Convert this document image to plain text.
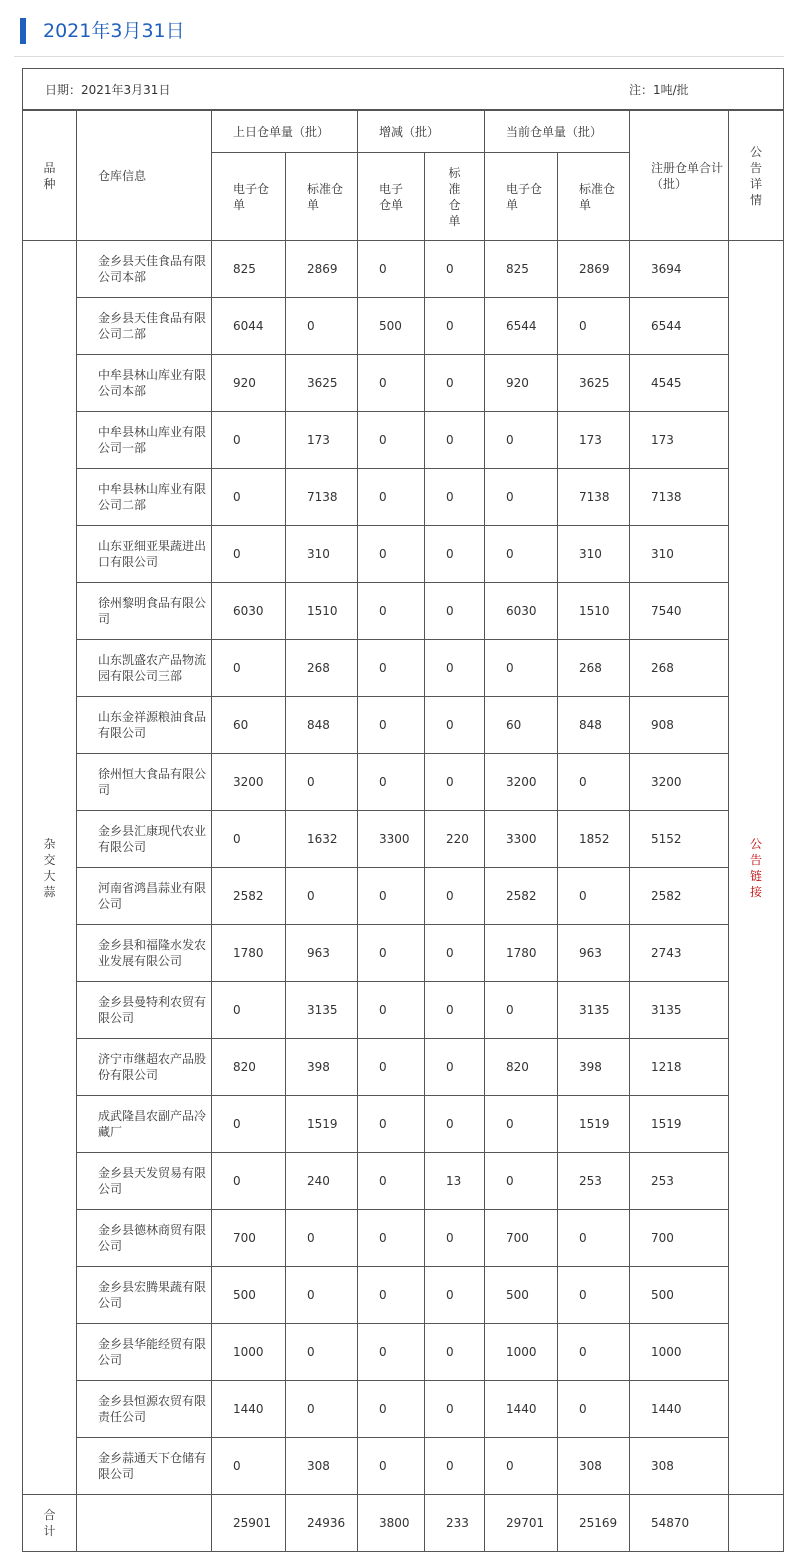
2021年3月31日
日期：2021年3月31日 注：1吨/批									

品种	仓库信息	上日仓单量（批）		增减（批）		当前仓单量（批）		注册仓单合计（批）	公告详情
		电子仓单	标准仓单	电子仓单	标准仓单	电子仓单	标准仓单		
杂交大蒜	金乡县天佳食品有限公司本部	825	2869	0	0	825	2869	3694	公告链接
	金乡县天佳食品有限公司二部	6044	0	500	0	6544	0	6544	
	中牟县林山库业有限公司本部	920	3625	0	0	920	3625	4545	
	中牟县林山库业有限公司一部	0	173	0	0	0	173	173	
	中牟县林山库业有限公司二部	0	7138	0	0	0	7138	7138	
	山东亚细亚果蔬进出口有限公司	0	310	0	0	0	310	310	
	徐州黎明食品有限公司	6030	1510	0	0	6030	1510	7540	
	山东凯盛农产品物流园有限公司三部	0	268	0	0	0	268	268	
	山东金祥源粮油食品有限公司	60	848	0	0	60	848	908	
	徐州恒大食品有限公司	3200	0	0	0	3200	0	3200	
	金乡县汇康现代农业有限公司	0	1632	3300	220	3300	1852	5152	
	河南省鸿昌蒜业有限公司	2582	0	0	0	2582	0	2582	
	金乡县和福隆水发农业发展有限公司	1780	963	0	0	1780	963	2743	
	金乡县曼特利农贸有限公司	0	3135	0	0	0	3135	3135	
	济宁市继超农产品股份有限公司	820	398	0	0	820	398	1218	
	成武隆昌农副产品冷藏厂	0	1519	0	0	0	1519	1519	
	金乡县天发贸易有限公司	0	240	0	13	0	253	253	
	金乡县德林商贸有限公司	700	0	0	0	700	0	700	
	金乡县宏腾果蔬有限公司	500	0	0	0	500	0	500	
	金乡县华能经贸有限公司	1000	0	0	0	1000	0	1000	
	金乡县恒源农贸有限责任公司	1440	0	0	0	1440	0	1440	
	金乡蒜通天下仓储有限公司	0	308	0	0	0	308	308	
合计		25901	24936	3800	233	29701	25169	54870	
